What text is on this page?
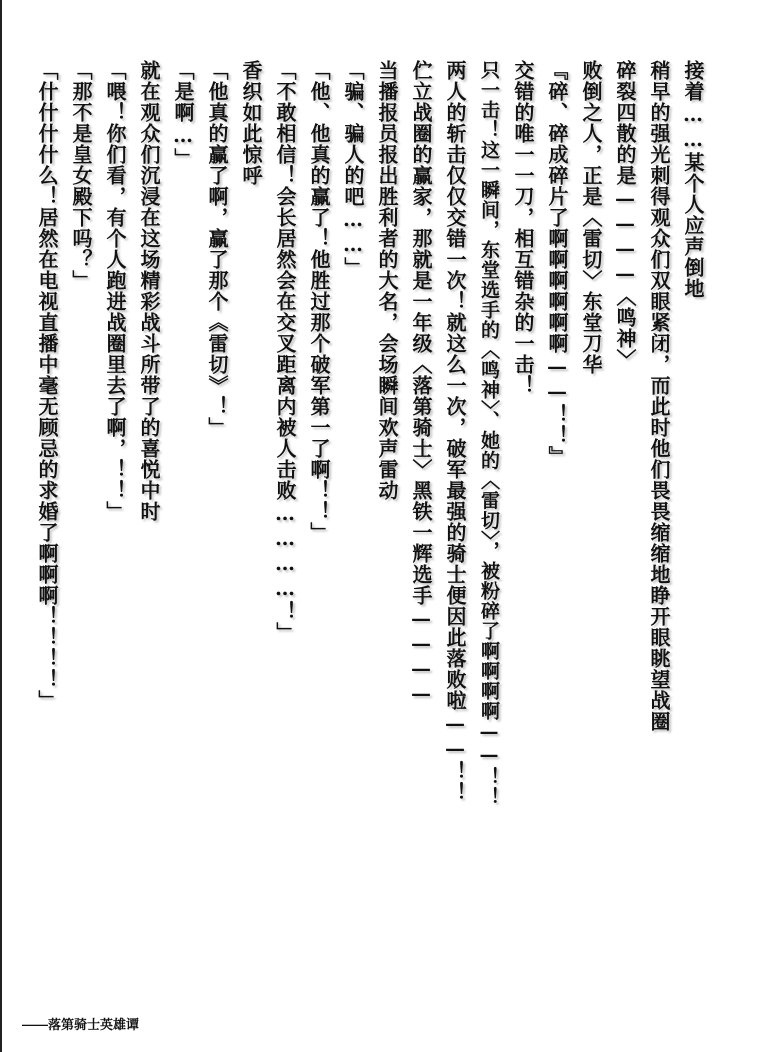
接着……某个人应声倒地
稍早的强光刺得观众们双眼紧闭，而此时他们畏畏缩缩地睁开眼眺望战圈
碎裂四散的是————〈鸣神〉
败倒之人，正是〈雷切〉东堂刀华
『碎、碎成碎片了啊啊啊啊啊啊——！！』
交错的唯一一刀，相互错杂的一击！
只一击！这一瞬间，东堂选手的〈鸣神〉、她的〈雷切〉，被粉碎了啊啊啊啊——！！
两人的斩击仅仅交错一次！就这么一次，破军最强的骑士便因此落败啦——！！
伫立战圈的赢家，那就是一年级〈落第骑士〉黑铁一辉选手————
当播报员报出胜利者的大名，会场瞬间欢声雷动
「骗、骗人的吧……」
「他、他真的赢了！他胜过那个破军第一了啊！！」
「不敢相信！会长居然会在交叉距离内被人击败…………！」
香织如此惊呼
「他真的赢了啊，赢了那个《雷切》！」
「是啊…」
就在观众们沉浸在这场精彩战斗所带了的喜悦中时
「喂！你们看，有个人跑进战圈里去了啊，！！」
「那不是皇女殿下吗？」
「什什什什么！居然在电视直播中毫无顾忌的求婚了啊啊啊！！！！」
——落第骑士英雄谭
